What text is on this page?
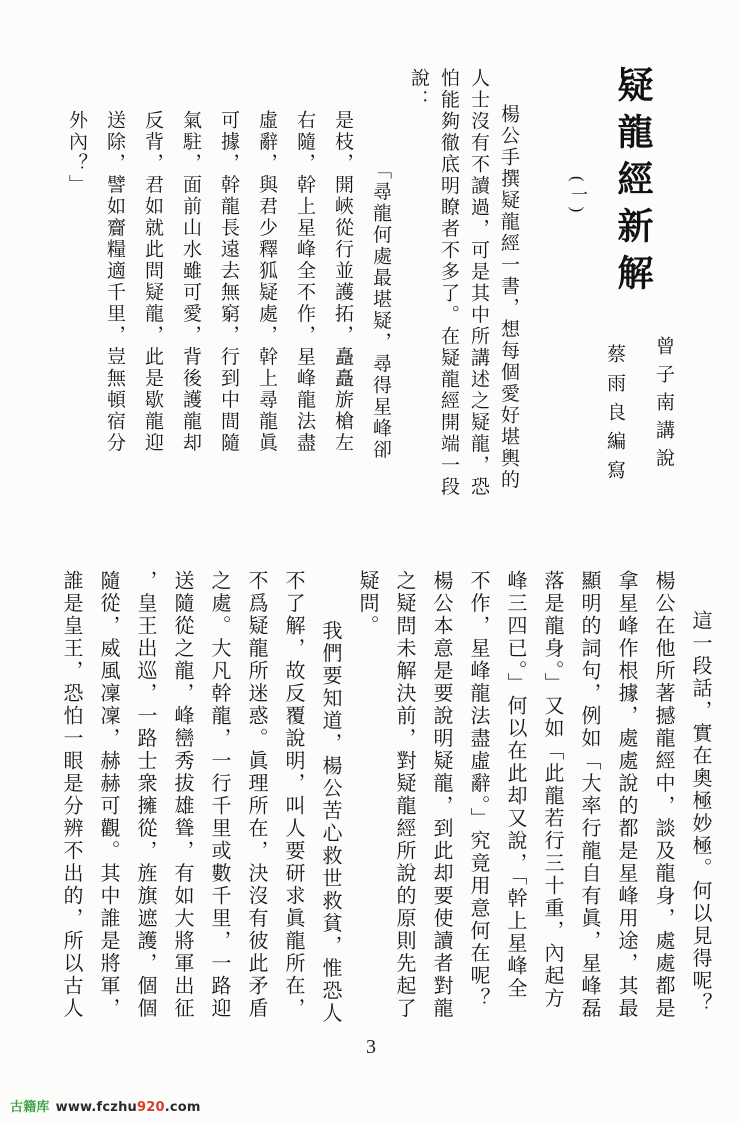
疑龍經新解
(一)
曾子南講說
蔡雨良編寫
楊公手撰疑龍經一書，想每個愛好堪輿的
人士沒有不讀過，可是其中所講述之疑龍，恐
怕能夠徹底明瞭者不多了。在疑龍經開端一段
說：
「尋龍何處最堪疑，尋得星峰卻
是枝，開峽從行並護拓，矗矗旂槍左
右隨，幹上星峰全不作，星峰龍法盡
虛辭，與君少釋狐疑處，幹上尋龍眞
可據，幹龍長遠去無窮，行到中間隨
氣駐，面前山水雖可愛，背後護龍却
反背，君如就此問疑龍，此是歇龍迎
送除，譬如齎糧適千里，豈無頓宿分
外內？」
這一段話，實在奧極妙極。何以見得呢？
楊公在他所著撼龍經中，談及龍身，處處都是
拿星峰作根據，處處說的都是星峰用途，其最
顯明的詞句，例如「大率行龍自有眞，星峰磊
落是龍身。」又如「此龍若行三十重，內起方
峰三四已。」何以在此却又說，「幹上星峰全
不作，星峰龍法盡虛辭。」究竟用意何在呢？
楊公本意是要說明疑龍，到此却要使讀者對龍
之疑問未解決前，對疑龍經所說的原則先起了
疑問。
我們要知道，楊公苦心救世救貧，惟恐人
不了解，故反覆說明，叫人要研求眞龍所在，
不爲疑龍所迷惑。眞理所在，決沒有彼此矛盾
之處。大凡幹龍，一行千里或數千里，一路迎
送隨從之龍，峰巒秀拔雄聳，有如大將軍出征
，皇王出巡，一路士衆擁從，旌旗遮護，個個
隨從，威風凜凜，赫赫可觀。其中誰是將軍，
誰是皇王，恐怕一眼是分辨不出的，所以古人
3
古籍库 www.fczhu920.com
